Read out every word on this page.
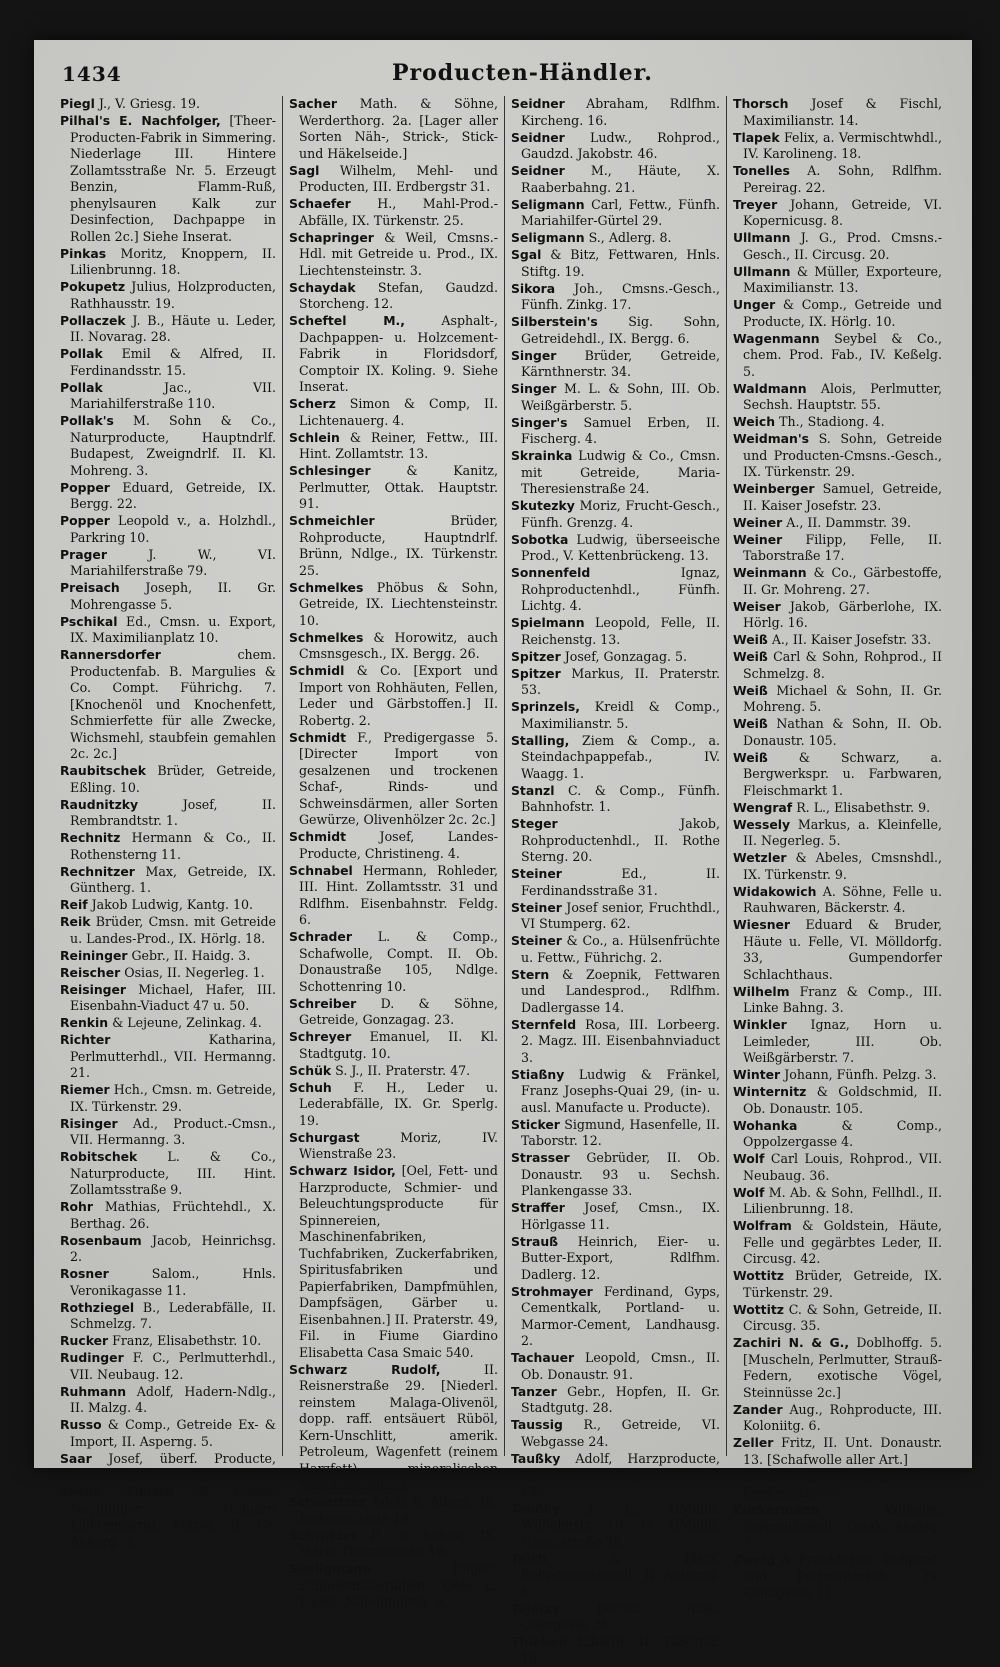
1434	Producten-Händler.

Piegl J., V. Griesg. 19.

Pilhal's E. Nachfolger, [Theer-Producten-Fabrik in Simmering. Niederlage III. Hintere Zollamtsstraße Nr. 5. Erzeugt Benzin, Flamm-Ruß, phenylsauren Kalk zur Desinfection, Dachpappe in Rollen 2c.] Siehe Inserat.

Pinkas Moritz, Knoppern, II. Lilienbrunng. 18.

Pokupetz Julius, Holzproducten, Rathhausstr. 19.

Pollaczek J. B., Häute u. Leder, II. Novarag. 28.

Pollak Emil & Alfred, II. Ferdinandsstr. 15.

Pollak	Jac., VII. Mariahilferstraße 110.

Pollak's M. Sohn & Co., Naturproducte, Hauptndrlf. Budapest, Zweigndrlf. II. Kl. Mohreng. 3.

Popper Eduard, Getreide, IX. Bergg. 22.

Popper Leopold v., a. Holzhdl., Parkring 10.

Prager	J. W., VI. Mariahilferstraße 79.

Preisach Joseph, II. Gr. Mohrengasse 5.

Pschikal Ed., Cmsn. u. Export, IX. Maximilianplatz 10.

Rannersdorfer	chem. Productenfab. B. Margulies & Co. Compt. Führichg. 7. [Knochenöl und Knochenfett, Schmierfette für alle Zwecke, Wichsmehl, staubfein gemahlen 2c. 2c.]

Raubitschek Brüder, Getreide, Eßling. 10.

Raudnitzky	Josef, II. Rembrandtstr. 1.

Rechnitz Hermann & Co., II. Rothensterng 11.

Rechnitzer Max, Getreide, IX. Güntherg. 1.

Reif Jakob Ludwig, Kantg. 10.

Reik Brüder, Cmsn. mit Getreide u. Landes-Prod., IX. Hörlg. 18.

Reininger Gebr., II. Haidg. 3.

Reischer Osias, II. Negerleg. 1.

Reisinger Michael, Hafer, III. Eisenbahn-Viaduct 47 u. 50.

Renkin & Lejeune, Zelinkag. 4.

Richter	Katharina, Perlmutterhdl., VII. Hermanng. 21.

Riemer Hch., Cmsn. m. Getreide, IX. Türkenstr. 29.

Risinger Ad., Product.-Cmsn., VII. Hermanng. 3.

Robitschek L. & Co., Naturproducte, III. Hint. Zollamtsstraße 9.

Rohr Mathias, Früchtehdl., X. Berthag. 26.

Rosenbaum Jacob, Heinrichsg. 2.

Rosner	Salom., Hnls. Veronikagasse 11.

Rothziegel B., Lederabfälle, II. Schmelzg. 7.

Rucker Franz, Elisabethstr. 10.

Rudinger F. C., Perlmutterhdl., VII. Neubaug. 12.

Ruhmann Adolf, Hadern-Ndlg., II. Malzg. 4.

Russo & Comp., Getreide Ex- & Import, II. Asperng. 5.

Saar Josef, überf. Producte, Brandstätte 1.

Sachs Eduard & Comp. Nachfolger (Eduard Lichtenstern), Fettw., II. Gr. Ankerg. 3.

Sacher Math. & Söhne, Werderthorg. 2a. [Lager aller Sorten Näh-, Strick-, Stick- und Häkelseide.]

Sagl Wilhelm, Mehl- und Producten, III. Erdbergstr 31.

Schaefer H., Mahl-Prod.-Abfälle, IX. Türkenstr. 25.

Schapringer & Weil, Cmsns.-Hdl. mit Getreide u. Prod., IX. Liechtensteinstr. 3.

Schaydak Stefan, Gaudzd. Storcheng. 12.

Scheftel M.,	Asphalt-, Dachpappen- u. Holzcement-Fabrik in Floridsdorf, Comptoir IX. Koling. 9. Siehe Inserat.

Scherz Simon & Comp, II. Lichtenauerg. 4.

Schlein & Reiner, Fettw., III. Hint. Zollamtstr. 13.

Schlesinger	& Kanitz, Perlmutter, Ottak. Hauptstr. 91.

Schmeichler	Brüder, Rohproducte, Hauptndrlf. Brünn, Ndlge., IX. Türkenstr. 25.

Schmelkes Phöbus & Sohn, Getreide, IX. Liechtensteinstr. 10.

Schmelkes & Horowitz, auch Cmsnsgesch., IX. Bergg. 26.

Schmidl & Co. [Export und Import von Rohhäuten, Fellen, Leder und Gärbstoffen.] II. Robertg. 2.

Schmidt F., Predigergasse 5. [Directer Import von gesalzenen und trockenen Schaf-, Rinds- und Schweinsdärmen, aller Sorten Gewürze, Olivenhölzer 2c. 2c.]

Schmidt	Josef, Landes-Producte, Christineng. 4.

Schnabel Hermann, Rohleder, III. Hint. Zollamtsstr. 31 und Rdlfhm. Eisenbahnstr. Feldg. 6.

Schrader L. & Comp., Schafwolle, Compt. II. Ob. Donaustraße 105, Ndlge. Schottenring 10.

Schreiber D. & Söhne, Getreide, Gonzagag. 23.

Schreyer Emanuel, II. Kl. Stadtgutg. 10.

Schük S. J., II. Praterstr. 47.

Schuh F. H., Leder u. Lederabfälle, IX. Gr. Sperlg. 19.

Schurgast	Moriz, IV. Wienstraße 23.

Schwarz Isidor, [Oel, Fett- und Harzproducte, Schmier- und Beleuchtungsproducte für Spinnereien, Maschinenfabriken, Tuchfabriken, Zuckerfabriken, Spiritusfabriken und Papierfabriken, Dampfmühlen, Dampfsägen, Gärber u. Eisenbahnen.] II. Praterstr. 49, Fil. in Fiume Giardino Elisabetta Casa Smaic 540.

Schwarz Rudolf,	II. Reisnerstraße 29. [Niederl. reinstem Malaga-Olivenöl, dopp. raff. entsäuert Rüböl, Kern-Unschlitt, amerik. Petroleum, Wagenfett (reinem Harzfett), mineralischen Maschinenölen.]

Schweitzer Adolf & Albert, IX. Roßauerlände 19.

Schwitzer H. & Söhne, IX. Maria-Theresienstr. 19.

Seeligmann	Eugen, Schmiermaterialien, Oele u. Lacke, Nibelungeng. 9.

Seidner Abraham, Rdlfhm. Kircheng. 16.

Seidner Ludw., Rohprod., Gaudzd. Jakobstr. 46.

Seidner M., Häute, X. Raaberbahng. 21.

Seligmann Carl, Fettw., Fünfh. Mariahilfer-Gürtel 29.

Seligmann S., Adlerg. 8.

Sgal & Bitz, Fettwaren, Hnls. Stiftg. 19.

Sikora Joh., Cmsns.-Gesch., Fünfh. Zinkg. 17.

Silberstein's Sig. Sohn, Getreidehdl., IX. Bergg. 6.

Singer Brüder, Getreide, Kärnthnerstr. 34.

Singer M. L. & Sohn, III. Ob. Weißgärberstr. 5.

Singer's Samuel Erben, II. Fischerg. 4.

Skrainka Ludwig & Co., Cmsn. mit Getreide, Maria-Theresienstraße 24.

Skutezky Moriz, Frucht-Gesch., Fünfh. Grenzg. 4.

Sobotka Ludwig, überseeische Prod., V. Kettenbrückeng. 13.

Sonnenfeld	Ignaz, Rohproductenhdl., Fünfh. Lichtg. 4.

Spielmann Leopold, Felle, II. Reichenstg. 13.

Spitzer Josef, Gonzagag. 5.

Spitzer Markus, II. Praterstr. 53.

Sprinzels, Kreidl & Comp., Maximilianstr. 5.

Stalling, Ziem & Comp., a. Steindachpappefab., IV. Waagg. 1.

Stanzl C. & Comp., Fünfh. Bahnhofstr. 1.

Steger	Jakob, Rohproductenhdl., II. Rothe Sterng. 20.

Steiner	Ed., II. Ferdinandsstraße 31.

Steiner Josef senior, Fruchthdl., VI Stumperg. 62.

Steiner & Co., a. Hülsenfrüchte u. Fettw., Führichg. 2.

Stern & Zoepnik, Fettwaren und Landesprod., Rdlfhm. Dadlergasse 14.

Sternfeld Rosa, III. Lorbeerg. 2. Magz. III. Eisenbahnviaduct 3.

Stiaßny Ludwig & Fränkel, Franz Josephs-Quai 29, (in- u. ausl. Manufacte u. Producte).

Sticker Sigmund, Hasenfelle, II. Taborstr. 12.

Strasser Gebrüder, II. Ob. Donaustr. 93 u. Sechsh. Plankengasse 33.

Straffer Josef, Cmsn., IX. Hörlgasse 11.

Strauß Heinrich, Eier- u. Butter-Export, Rdlfhm. Dadlerg. 12.

Strohmayer Ferdinand, Gyps, Cementkalk, Portland- u. Marmor-Cement, Landhausg. 2.

Tachauer Leopold, Cmsn., II. Ob. Donaustr. 91.

Tanzer Gebr., Hopfen, II. Gr. Stadtgutg. 28.

Taussig R., Getreide, VI. Webgasse 24.

Taußky Adolf, Harzproducte, III. Ob. Viaductg. Casematte 12.

Taußky J. L., UMeidl. Wilhelmstr. 19, G. UMeidl. Hauptstraße 28.

Teich	& Platz, Rohproductenhdl., II. Antonsg. 6.

Tejetzy	Bertha, Ottak. Quergasse 28.

Thieben Eduard, II. Taborstr. 18.

Thorsch Josef & Fischl, Maximilianstr. 14.

Tlapek Felix, a. Vermischtwhdl., IV. Karolineng. 18.

Tonelles A. Sohn, Rdlfhm. Pereirag. 22.

Treyer Johann, Getreide, VI. Kopernicusg. 8.

Ullmann J. G., Prod. Cmsns.-Gesch., II. Circusg. 20.

Ullmann & Müller, Exporteure, Maximilianstr. 13.

Unger & Comp., Getreide und Producte, IX. Hörlg. 10.

Wagenmann Seybel & Co., chem. Prod. Fab., IV. Keßelg. 5.

Waldmann Alois, Perlmutter, Sechsh. Hauptstr. 55.

Weich Th., Stadiong. 4.

Weidman's S. Sohn, Getreide und Producten-Cmsns.-Gesch., IX. Türkenstr. 29.

Weinberger Samuel, Getreide, II. Kaiser Josefstr. 23.

Weiner A., II. Dammstr. 39.

Weiner Filipp, Felle, II. Taborstraße 17.

Weinmann & Co., Gärbestoffe, II. Gr. Mohreng. 27.

Weiser Jakob, Gärberlohe, IX. Hörlg. 16.

Weiß A., II. Kaiser Josefstr. 33.

Weiß Carl & Sohn, Rohprod., II Schmelzg. 8.

Weiß Michael & Sohn, II. Gr. Mohreng. 5.

Weiß Nathan & Sohn, II. Ob. Donaustr. 105.

Weiß & Schwarz, a. Bergwerkspr. u. Farbwaren, Fleischmarkt 1.

Wengraf R. L., Elisabethstr. 9.

Wessely Markus, a. Kleinfelle, II. Negerleg. 5.

Wetzler & Abeles, Cmsnshdl., IX. Türkenstr. 9.

Widakowich A. Söhne, Felle u. Rauhwaren, Bäckerstr. 4.

Wiesner Eduard & Bruder, Häute u. Felle, VI. Mölldorfg. 33, Gumpendorfer Schlachthaus.

Wilhelm Franz & Comp., III. Linke Bahng. 3.

Winkler Ignaz, Horn u. Leimleder, III. Ob. Weißgärberstr. 7.

Winter Johann, Fünfh. Pelzg. 3.

Winternitz & Goldschmid, II. Ob. Donaustr. 105.

Wohanka	& Comp., Oppolzergasse 4.

Wolf Carl Louis, Rohprod., VII. Neubaug. 36.

Wolf M. Ab. & Sohn, Fellhdl., II. Lilienbrunng. 18.

Wolfram & Goldstein, Häute, Felle und gegärbtes Leder, II. Circusg. 42.

Wottitz Brüder, Getreide, IX. Türkenstr. 29.

Wottitz C. & Sohn, Getreide, II. Circusg. 35.

Zachiri N. & G., Doblhoffg. 5. [Muscheln, Perlmutter, Strauß-Federn, exotische Vögel, Steinnüsse 2c.]

Zander Aug., Rohproducte, III. Koloniitg. 6.

Zeller Fritz, II. Unt. Donaustr. 13. [Schafwolle aller Art.]

Zöhrer & Dolezel, VII. Lindengasse 7.

Zuckermann	Wilhelm, Perlmutterhdl., Ottak. Abeleg. 7.

Zweig & Frankfurter, Rohprod. und Perlmutterhdl., IX. Kolingasse 11.
